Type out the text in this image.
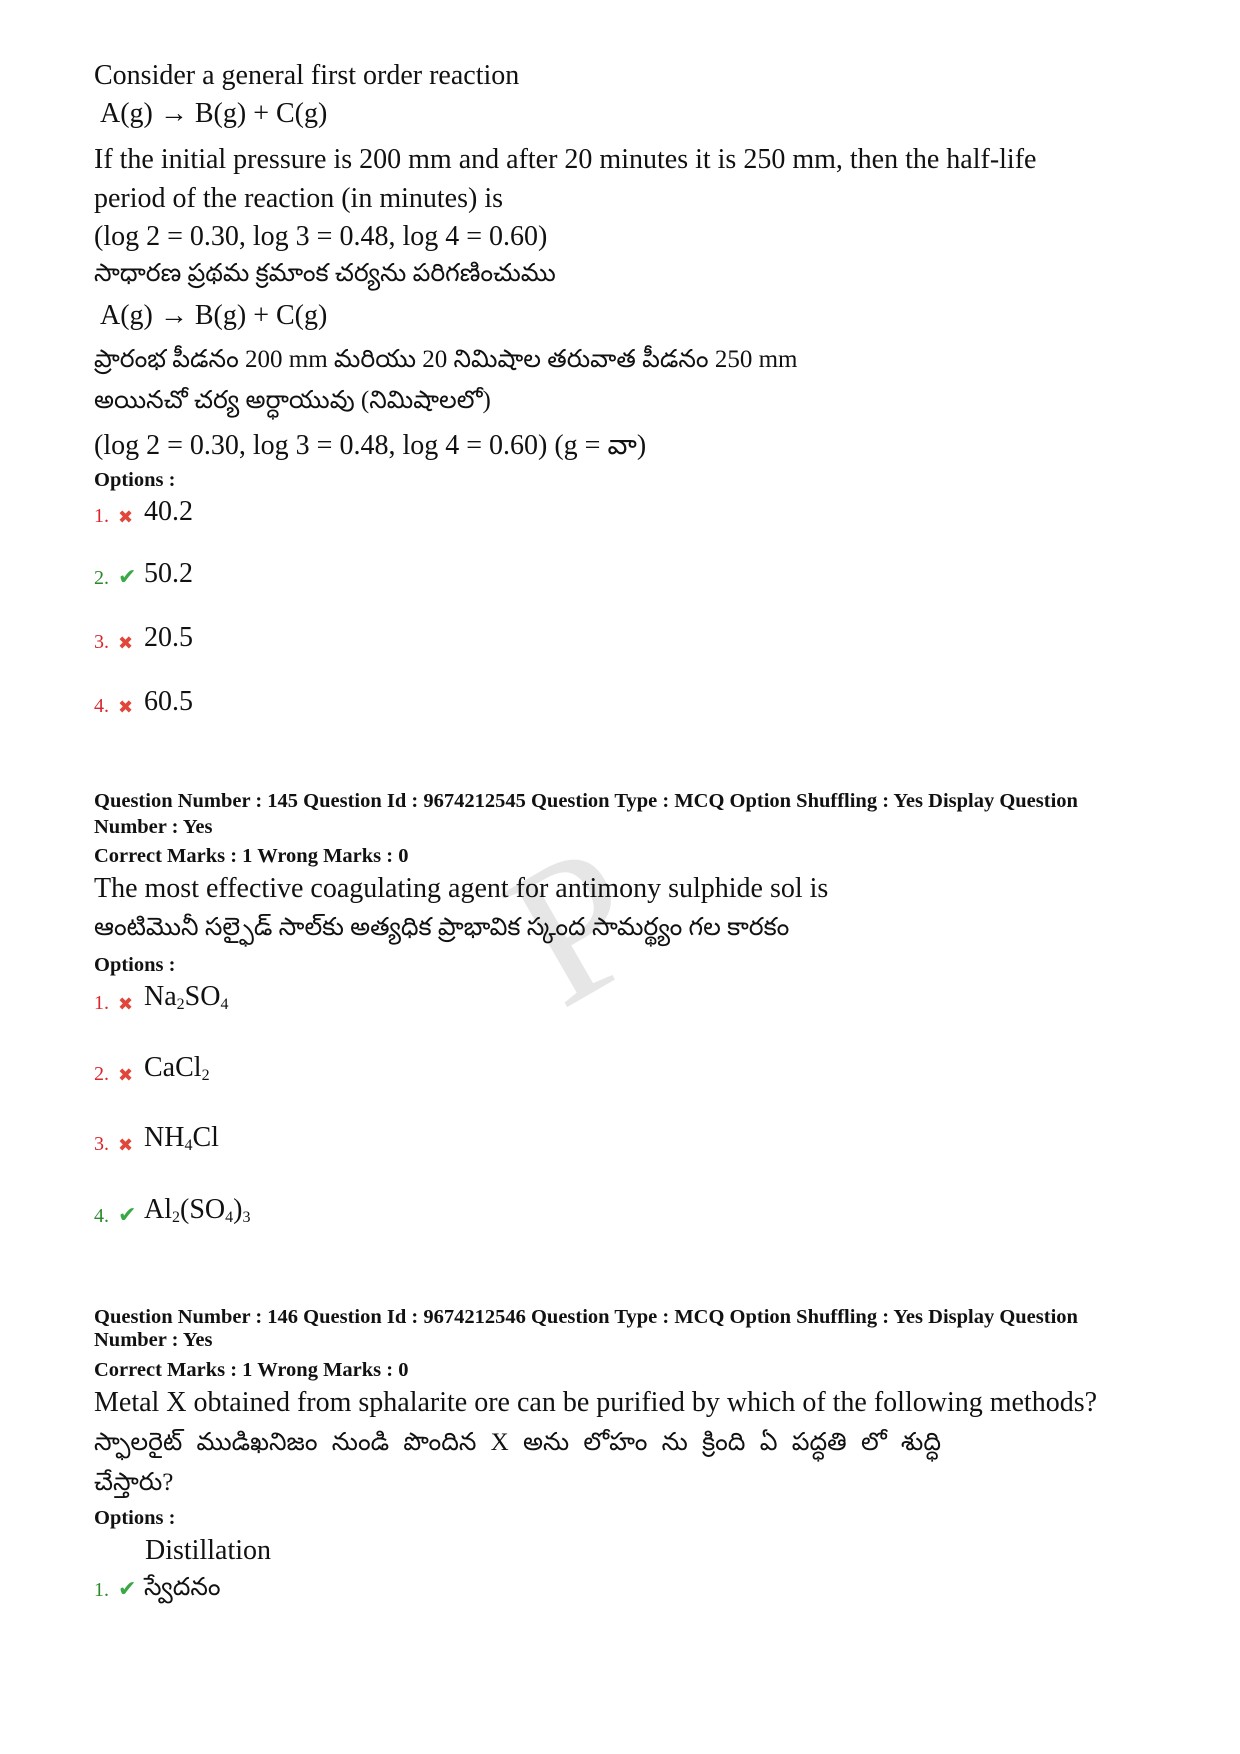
P
Consider a general first order reaction
A(g) → B(g) + C(g)
If the initial pressure is 200 mm and after 20 minutes it is 250 mm, then the half-life
period of the reaction (in minutes) is
(log 2 = 0.30, log 3 = 0.48, log 4 = 0.60)
సాధారణ ప్రథమ క్రమాంక చర్యను పరిగణించుము
A(g) → B(g) + C(g)
ప్రారంభ పీడనం 200 mm మరియు 20 నిమిషాల తరువాత పీడనం 250 mm
అయినచో చర్య అర్ధాయువు (నిమిషాలలో)
(log 2 = 0.30, log 3 = 0.48, log 4 = 0.60) (g = వా)
Options :
1. ✖ 40.2
2. ✔ 50.2
3. ✖ 20.5
4. ✖ 60.5
Question Number : 145 Question Id : 9674212545 Question Type : MCQ Option Shuffling : Yes Display Question
Number : Yes
Correct Marks : 1 Wrong Marks : 0
The most effective coagulating agent for antimony sulphide sol is
ఆంటిమొనీ సల్ఫైడ్ సాల్‌కు అత్యధిక ప్రాభావిక స్కంద సామర్థ్యం గల కారకం
Options :
1. ✖ $Na_2SO_4$
2. ✖ CaCl$_2$
3. ✖ $NH_4Cl$
4. ✔ $Al_2(SO_4)_3$
Question Number : 146 Question Id : 9674212546 Question Type : MCQ Option Shuffling : Yes Display Question
Number : Yes
Correct Marks : 1 Wrong Marks : 0
Metal X obtained from sphalarite ore can be purified by which of the following methods?
స్ఫాలరైట్ ముడిఖనిజం నుండి పొందిన X అను లోహం ను క్రింది ఏ పద్ధతి లో శుద్ధి
చేస్తారు?
Options :
Distillation
1. ✔ స్వేదనం
